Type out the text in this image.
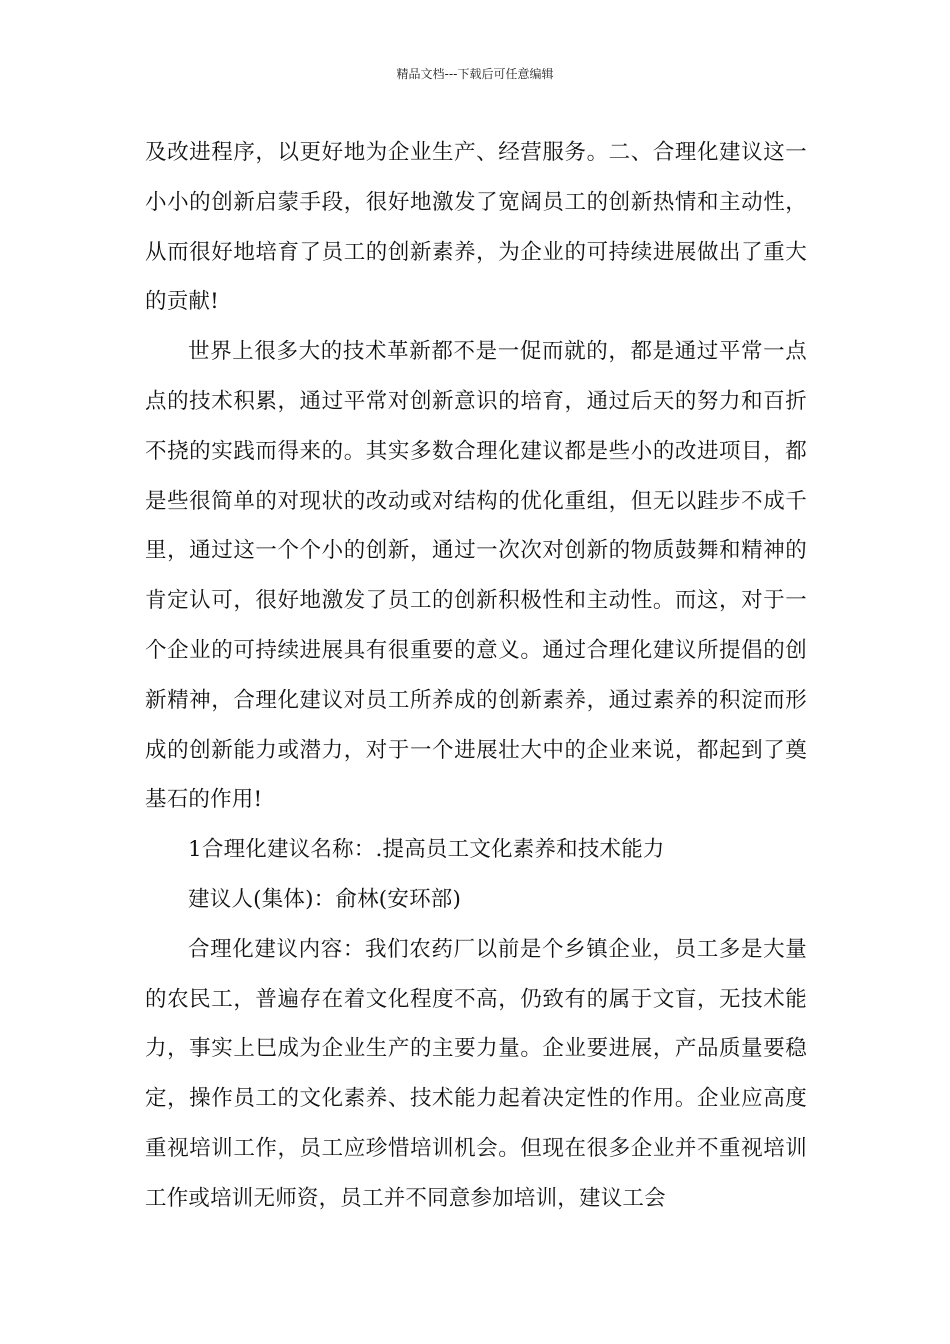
精品文档---下载后可任意编辑

及改进程序，以更好地为企业生产、经营服务。二、合理化建议这一小小的创新启蒙手段，很好地激发了宽阔员工的创新热情和主动性，从而很好地培育了员工的创新素养，为企业的可持续进展做出了重大的贡献!

世界上很多大的技术革新都不是一促而就的，都是通过平常一点点的技术积累，通过平常对创新意识的培育，通过后天的努力和百折不挠的实践而得来的。其实多数合理化建议都是些小的改进项目，都是些很简单的对现状的改动或对结构的优化重组，但无以跬步不成千里，通过这一个个小的创新，通过一次次对创新的物质鼓舞和精神的肯定认可，很好地激发了员工的创新积极性和主动性。而这，对于一个企业的可持续进展具有很重要的意义。通过合理化建议所提倡的创新精神，合理化建议对员工所养成的创新素养，通过素养的积淀而形成的创新能力或潜力，对于一个进展壮大中的企业来说，都起到了奠基石的作用!

1合理化建议名称：.提高员工文化素养和技术能力

建议人(集体)：俞林(安环部)

合理化建议内容：我们农药厂以前是个乡镇企业，员工多是大量的农民工，普遍存在着文化程度不高，仍致有的属于文盲，无技术能力，事实上巳成为企业生产的主要力量。企业要进展，产品质量要稳定，操作员工的文化素养、技术能力起着决定性的作用。企业应高度重视培训工作，员工应珍惜培训机会。但现在很多企业并不重视培训工作或培训无师资，员工并不同意参加培训，建议工会
